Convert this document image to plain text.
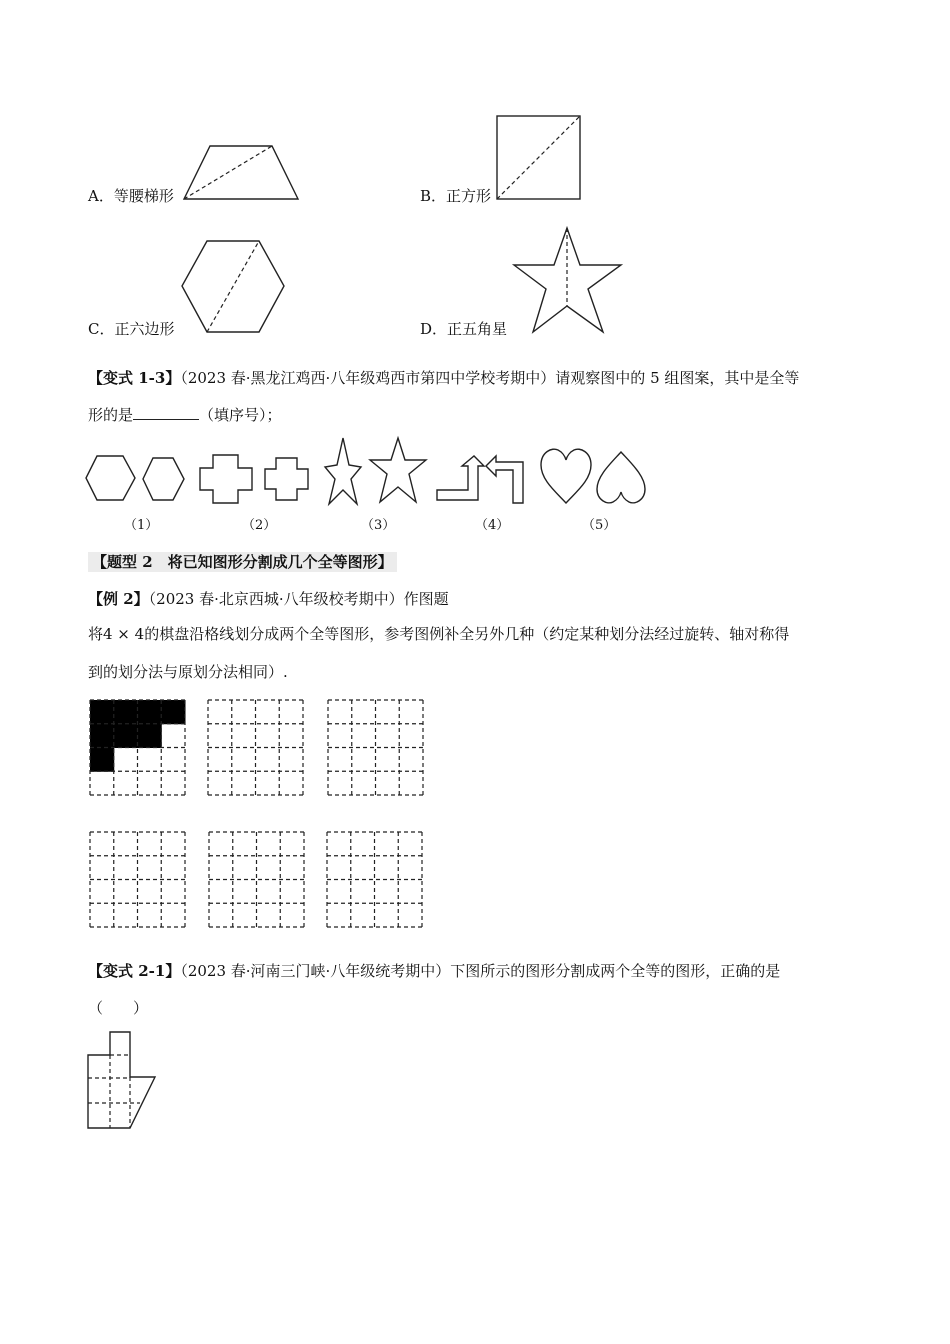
A．等腰梯形	B．正方形
C．正六边形	D．正五角星
【变式 1-3】（2023 春·黑龙江鸡西·八年级鸡西市第四中学校考期中）请观察图中的 5 组图案，其中是全等
形的是	（填序号）；
（1）	（2）	（3）	（4）	（5）
【题型 2　将已知图形分割成几个全等图形】
【例 2】（2023 春·北京西城·八年级校考期中）作图题
将4 × 4的棋盘沿格线划分成两个全等图形，参考图例补全另外几种（约定某种划分法经过旋转、轴对称得
到的划分法与原划分法相同）.
【变式 2-1】（2023 春·河南三门峡·八年级统考期中）下图所示的图形分割成两个全等的图形，正确的是
（　　）
